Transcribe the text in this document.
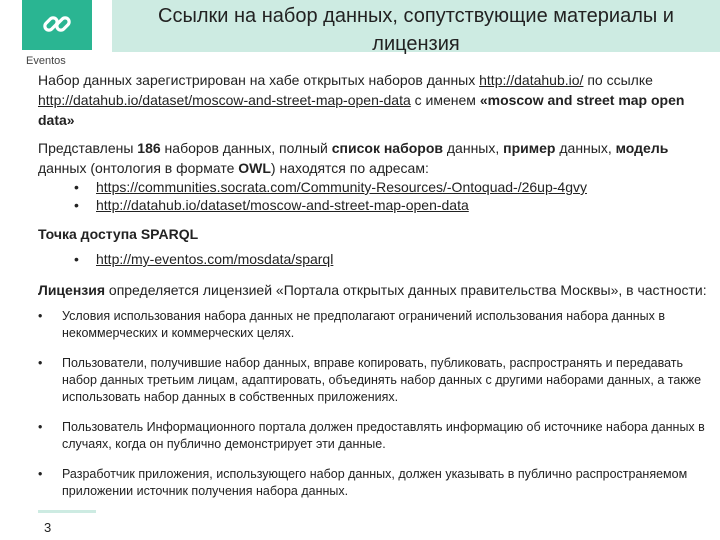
Eventos
Ссылки на набор данных, сопутствующие материалы и
лицензия

Набор данных зарегистрирован на хабе открытых наборов данных http://datahub.io/ по ссылке http://datahub.io/dataset/moscow-and-street-map-open-data с именем «moscow and street map open data»

Представлены 186 наборов данных, полный список наборов данных, пример данных, модель данных (онтология в формате OWL) находятся по адресам:

• https://communities.socrata.com/Community-Resources/-Ontoquad-/26up-4gvy
• http://datahub.io/dataset/moscow-and-street-map-open-data

Точка доступа SPARQL

• http://my-eventos.com/mosdata/sparql

Лицензия определяется лицензией «Портала открытых данных правительства Москвы», в частности:

• Условия использования набора данных не предполагают ограничений использования набора данных в некоммерческих и коммерческих целях.
• Пользователи, получившие набор данных, вправе копировать, публиковать, распространять и передавать набор данных третьим лицам, адаптировать, объединять набор данных с другими наборами данных, а также использовать набор данных в собственных приложениях.
• Пользователь Информационного портала должен предоставлять информацию об источнике набора данных в случаях, когда он публично демонстрирует эти данные.
• Разработчик приложения, использующего набор данных, должен указывать в публично распространяемом приложении источник получения набора данных.
3
